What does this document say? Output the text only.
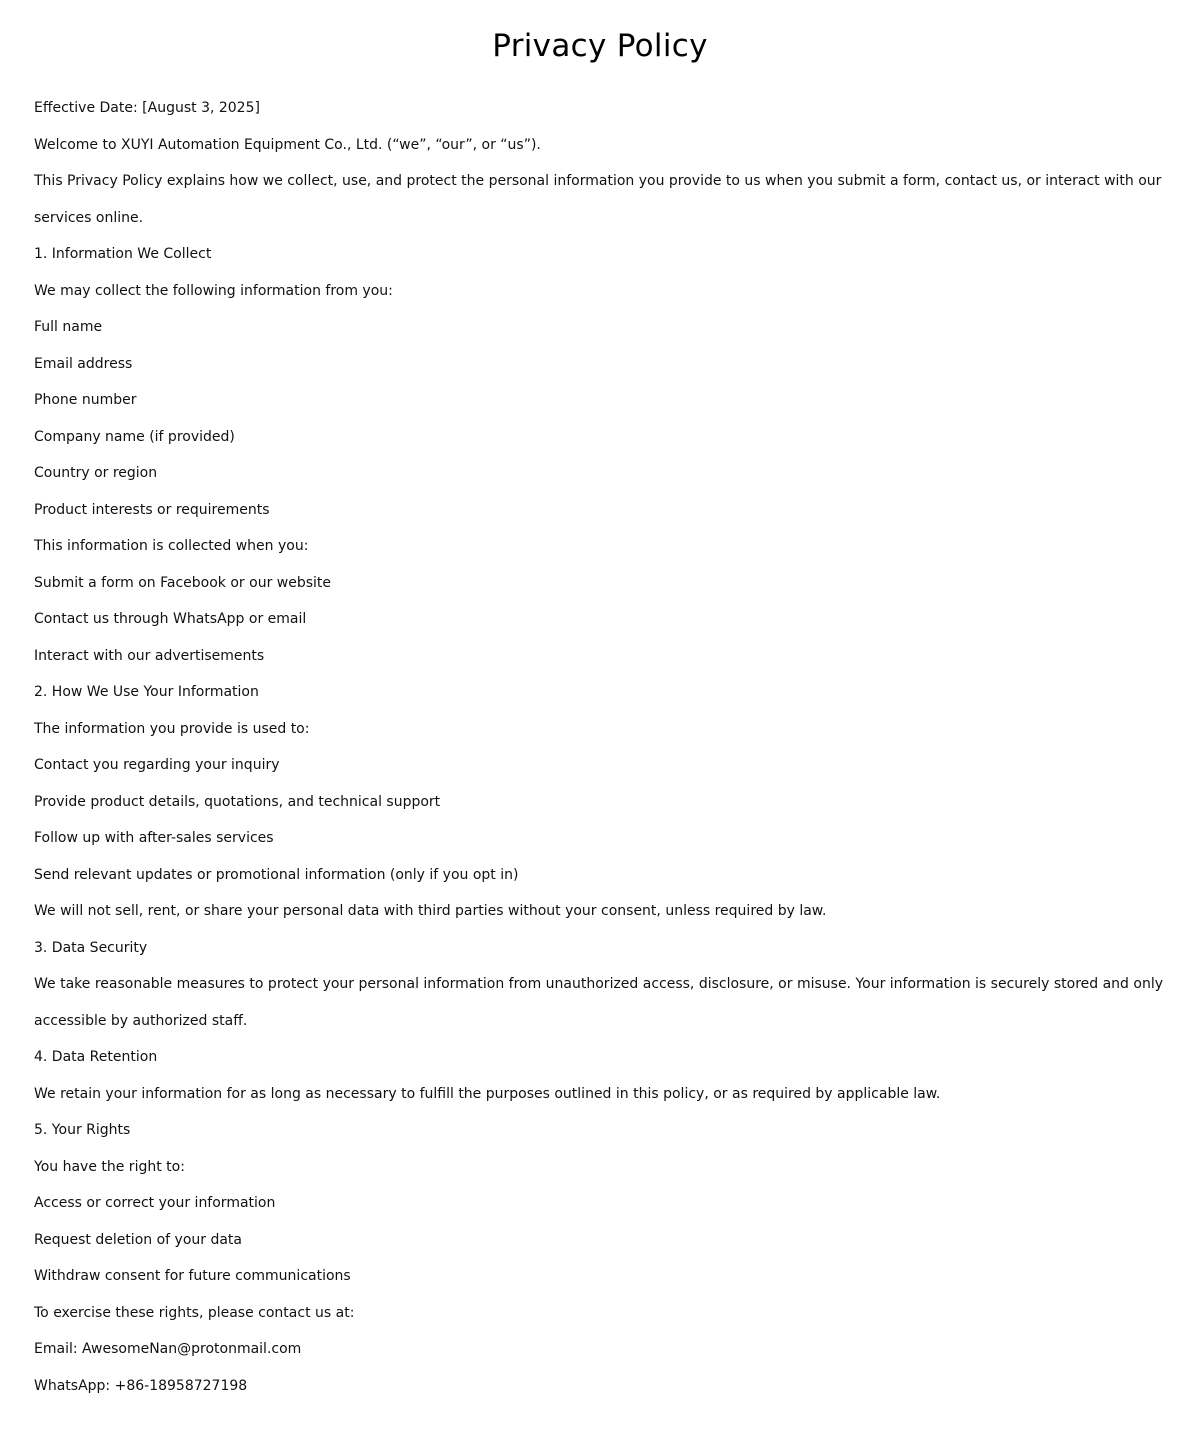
Privacy Policy
Effective Date: [August 3, 2025]
Welcome to XUYI Automation Equipment Co., Ltd. (“we”, “our”, or “us”).
This Privacy Policy explains how we collect, use, and protect the personal information you provide to us when you submit a form, contact us, or interact with our services online.
1. Information We Collect
We may collect the following information from you:
Full name
Email address
Phone number
Company name (if provided)
Country or region
Product interests or requirements
This information is collected when you:
Submit a form on Facebook or our website
Contact us through WhatsApp or email
Interact with our advertisements
2. How We Use Your Information
The information you provide is used to:
Contact you regarding your inquiry
Provide product details, quotations, and technical support
Follow up with after-sales services
Send relevant updates or promotional information (only if you opt in)
We will not sell, rent, or share your personal data with third parties without your consent, unless required by law.
3. Data Security
We take reasonable measures to protect your personal information from unauthorized access, disclosure, or misuse. Your information is securely stored and only accessible by authorized staff.
4. Data Retention
We retain your information for as long as necessary to fulfill the purposes outlined in this policy, or as required by applicable law.
5. Your Rights
You have the right to:
Access or correct your information
Request deletion of your data
Withdraw consent for future communications
To exercise these rights, please contact us at:
Email: AwesomeNan@protonmail.com
WhatsApp: +86-18958727198
